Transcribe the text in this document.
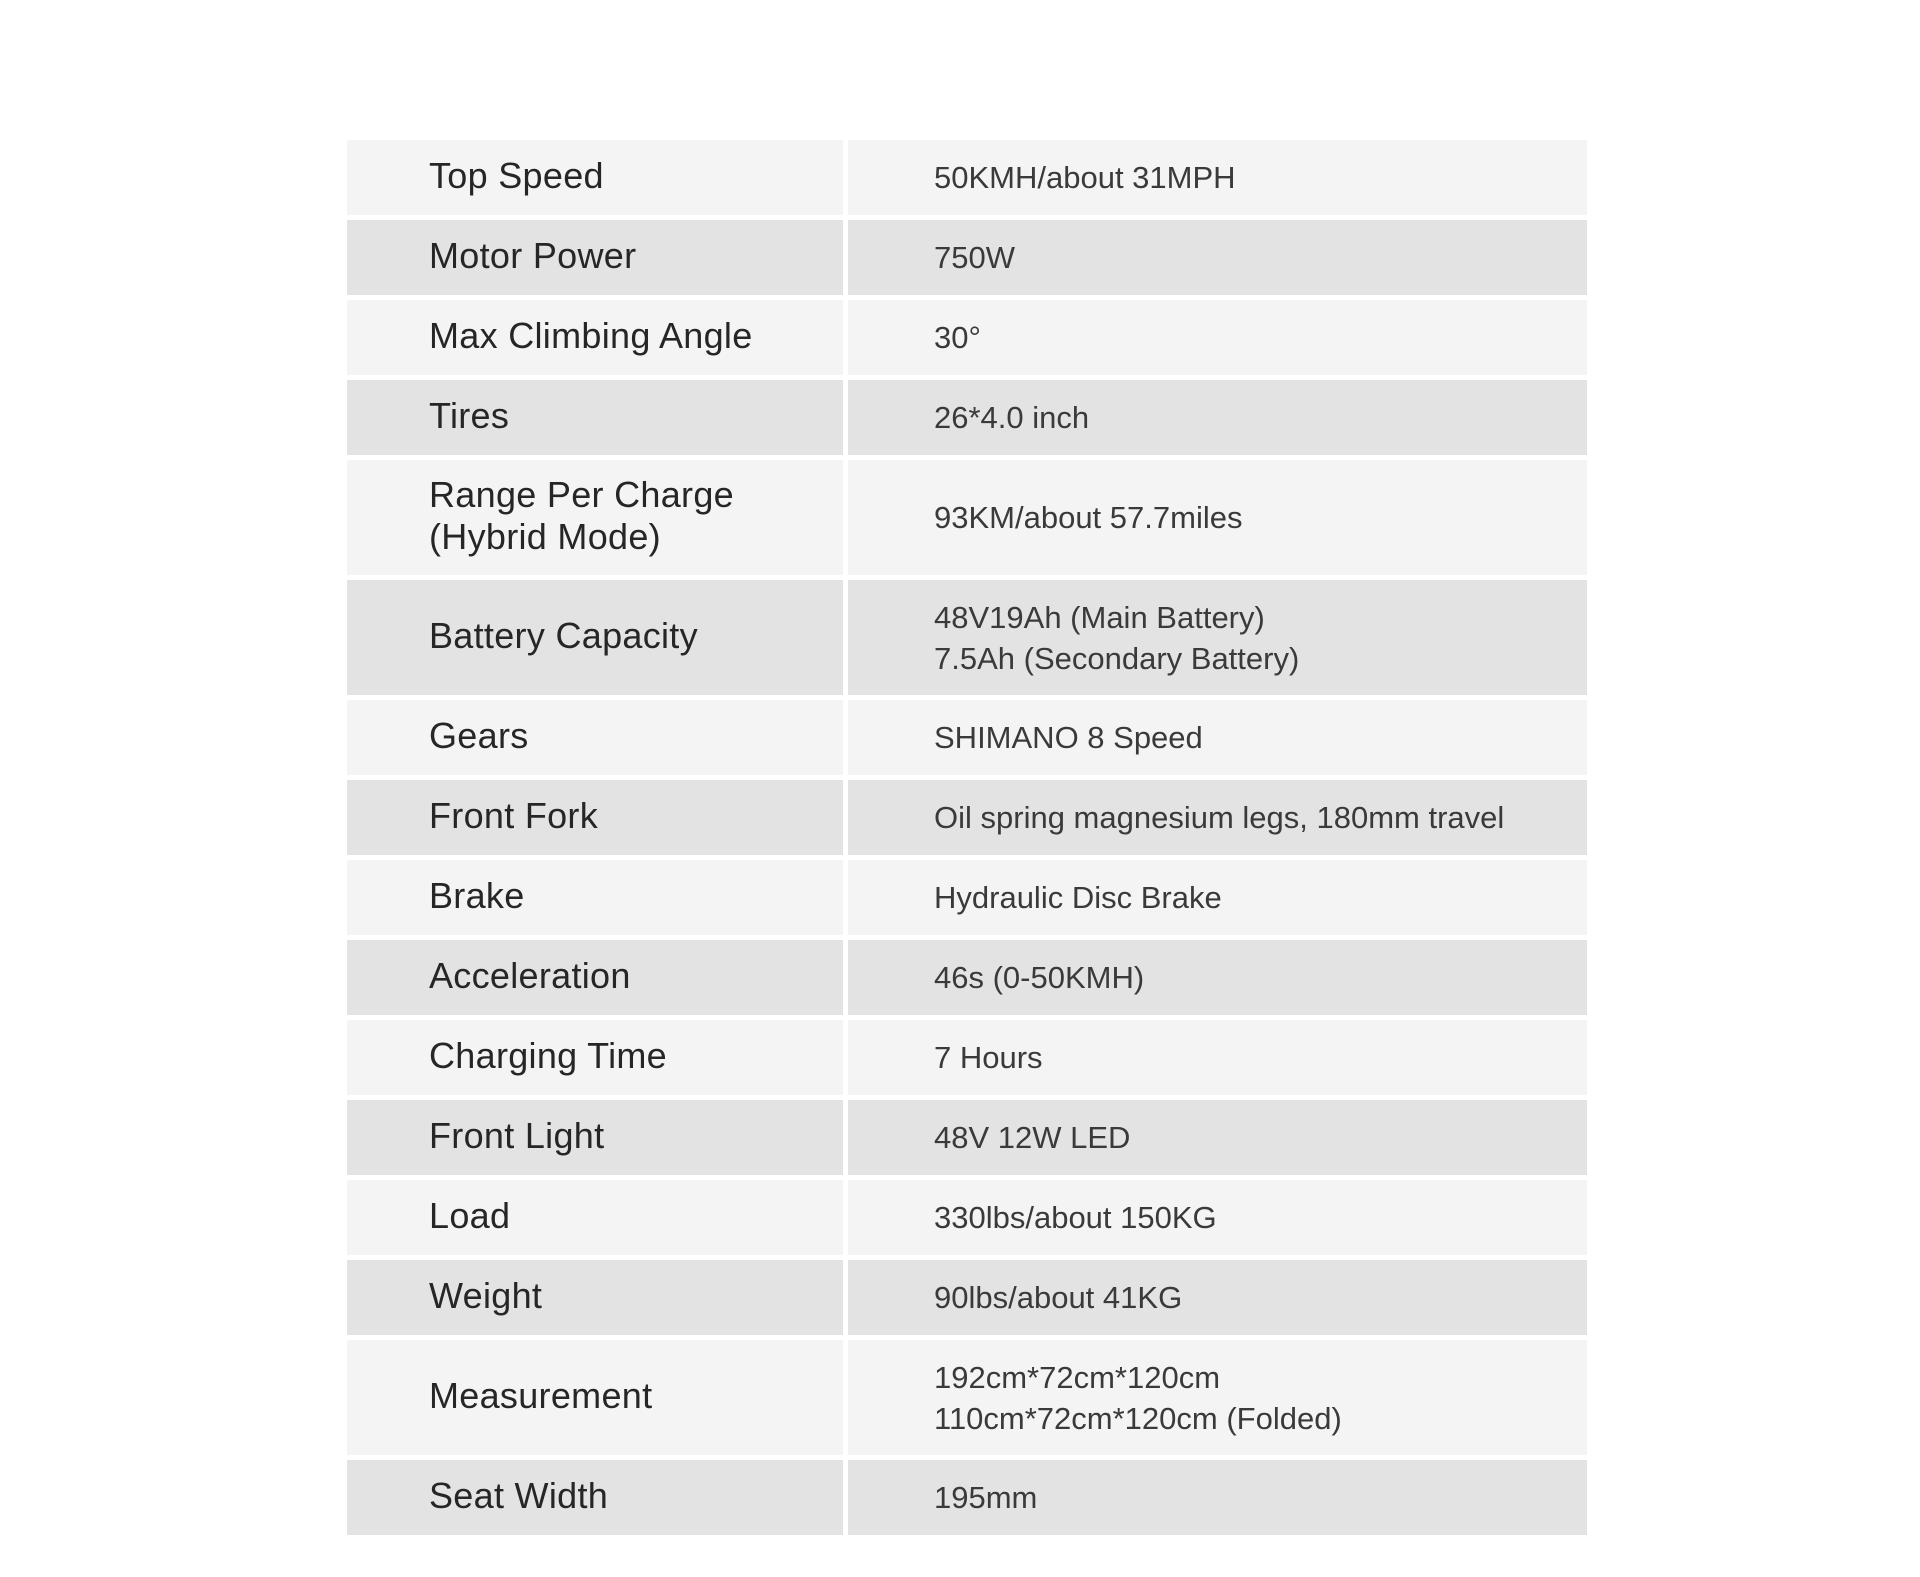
Top Speed	50KMH/about 31MPH
Motor Power	750W
Max Climbing Angle	30°
Tires	26*4.0 inch
Range Per Charge
(Hybrid Mode)	93KM/about 57.7miles
Battery Capacity	48V19Ah (Main Battery)
7.5Ah (Secondary Battery)
Gears	SHIMANO 8 Speed
Front Fork	Oil spring magnesium legs, 180mm travel
Brake	Hydraulic Disc Brake
Acceleration	46s (0-50KMH)
Charging Time	7 Hours
Front Light	48V 12W LED
Load	330lbs/about 150KG
Weight	90lbs/about 41KG
Measurement	192cm*72cm*120cm
110cm*72cm*120cm (Folded)
Seat Width	195mm
